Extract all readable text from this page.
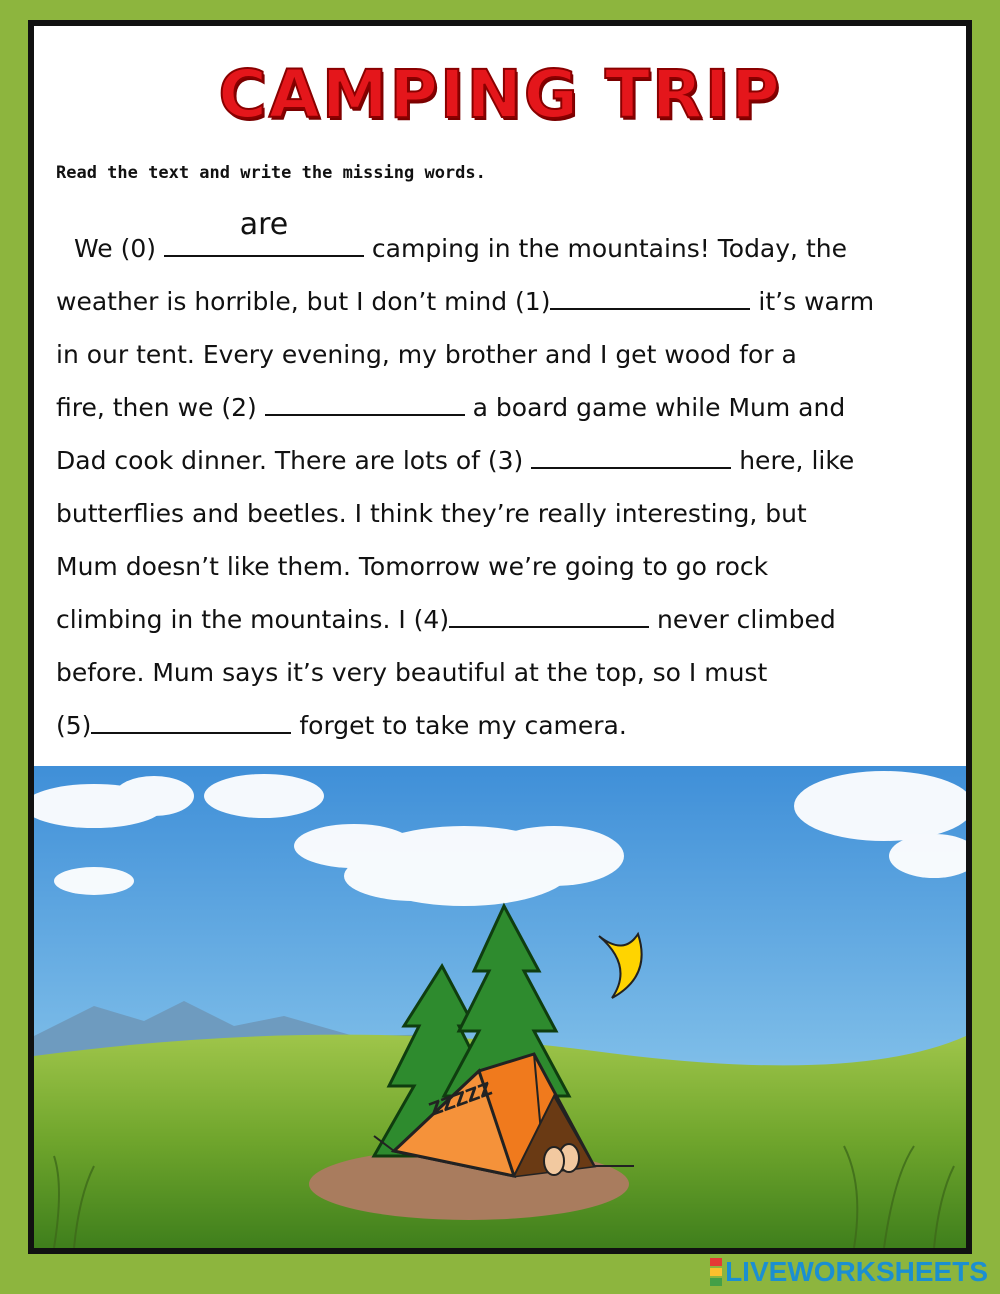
CAMPING TRIP
Read the text and write the missing words.
We (0)
are
camping in the mountains! Today, the
weather is horrible, but I don’t mind (1)	it’s warm
in our tent. Every evening, my brother and I get wood for a
fire, then we (2)	a board game while Mum and
Dad cook dinner. There are lots of (3)	here, like
butterflies and beetles. I think they’re really interesting, but
Mum doesn’t like them. Tomorrow we’re going to go rock
climbing in the mountains. I (4)	never climbed
before. Mum says it’s very beautiful at the top, so I must
(5)	forget to take my camera.
ZZZZZ
LIVEWORKSHEETS
